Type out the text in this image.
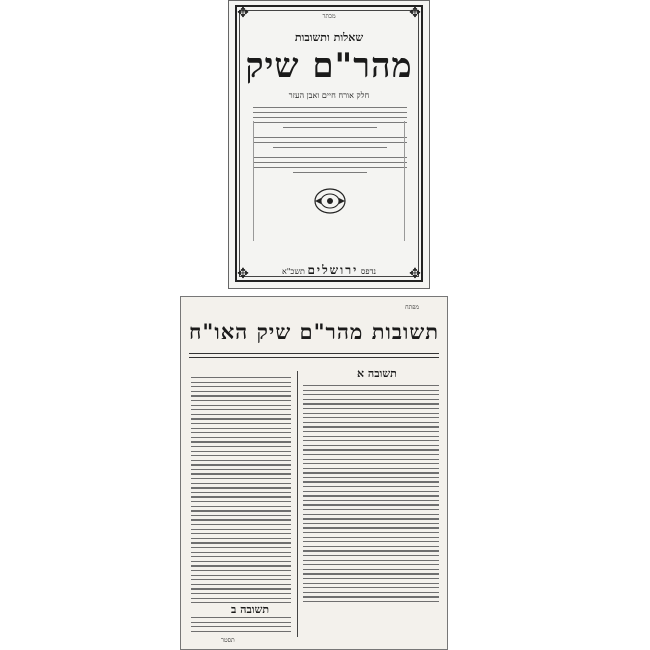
✥	✥
✥	✥
מכתר
שאלות ותשובות
מהר"ם שיק
חלק אורח חיים ואבן העזר
נדפס ירושלים תשכ"א
מפתח
תשובות מהר"ם שיק האו"ח
תשובה א
תשובה ב
תסטר
